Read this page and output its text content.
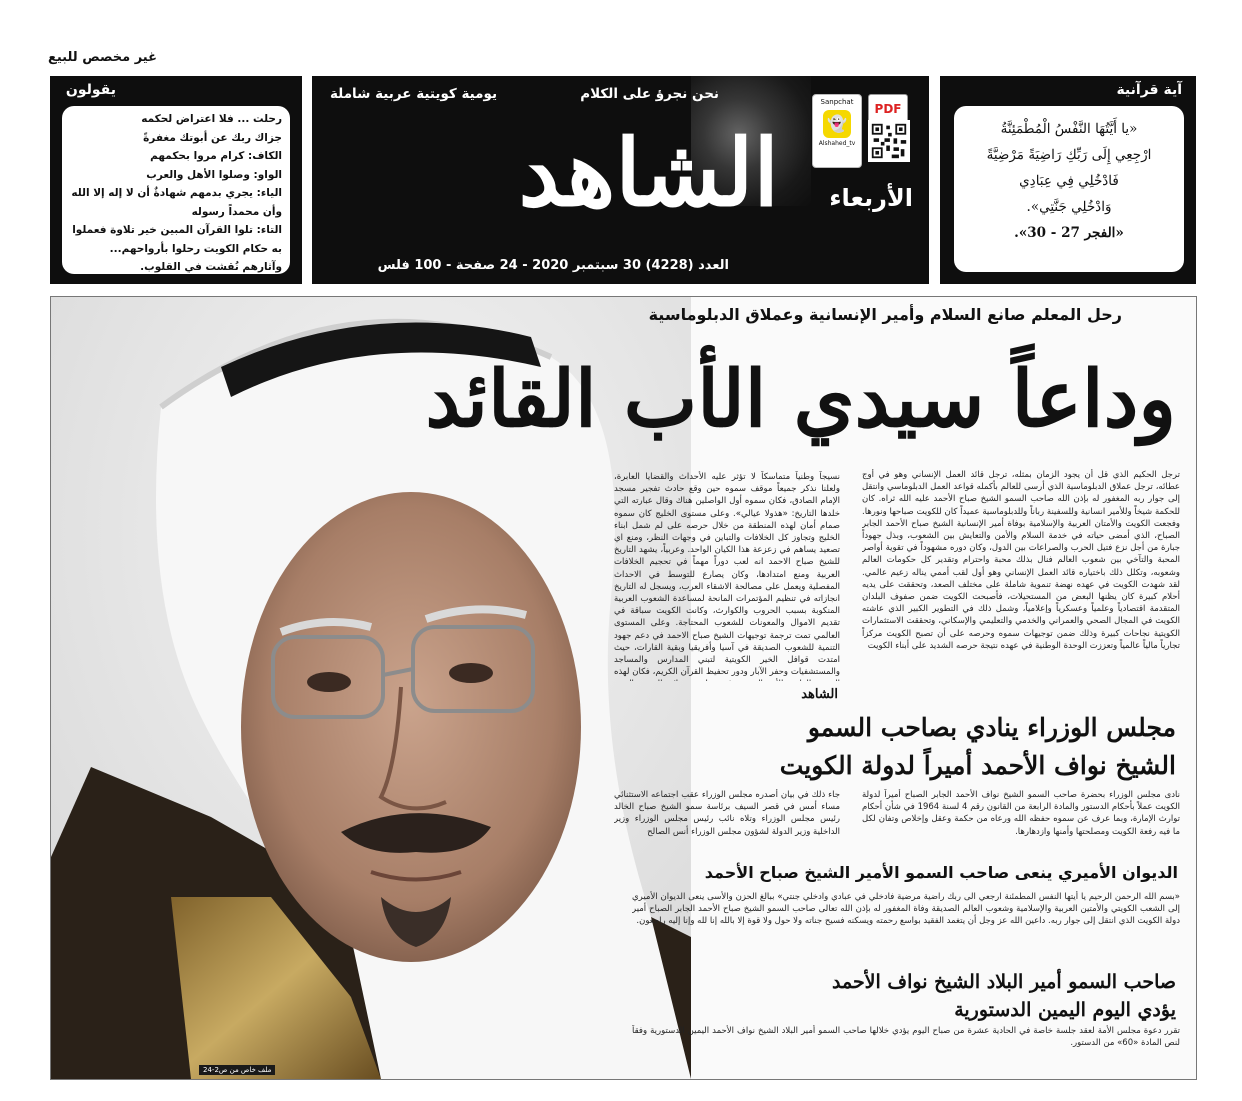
غير مخصص للبيع
آية قرآنية
«يا أَيَّتُهَا النَّفْسُ الْمُطْمَئِنَّةُ
ارْجِعِي إِلَى رَبِّكِ رَاضِيَةً مَرْضِيَّةً
فَادْخُلِي فِي عِبَادِي
وَادْخُلِي جَنَّتِي».
«الفجر 27 - 30».
نحن نجرؤ على الكلام
يومية كويتية عربية شاملة
الشاهد الأربعاء
العدد (4228) 30 سبتمبر 2020 - 24 صفحة - 100 فلس
Sanpchat
👻
Alshahed_tv
PDF
يقولون
رحلت ... فلا اعتراض لحكمه
جزاك ربك عن أبوتك مغفرةً
الكاف: كرام مروا بحكمهم
الواو: وصلوا الأهل والعرب
الياء: يجري بدمهم شهادةٌ أن لا إله إلا الله وأن محمداً رسوله
التاء: تلوا القرآن المبين خير تلاوة فعملوا به حكام الكويت رحلوا بأرواحهم... وآثارهم نُقشت في القلوب.
رحل المعلم صانع السلام وأمير الإنسانية وعملاق الدبلوماسية
وداعاً سيدي الأب القائد

ترجل الحكيم الذي قل أن يجود الزمان بمثله، ترجل قائد العمل الإنساني وهو في أوج عطائه، ترجل عملاق الدبلوماسية الذي أرسى للعالم بأكمله قواعد العمل الدبلوماسي وانتقل إلى جوار ربه المغفور له بإذن الله صاحب السمو الشيخ صباح الأحمد عليه الله ثراه. كان للحكمة شيخاً وللأمير انسانية وللسفينة رباناً وللدبلوماسية عميداً كان للكويت صباحها ونورها. وفجعت الكويت والأمتان العربية والإسلامية بوفاة أمير الإنسانية الشيخ صباح الأحمد الجابر الصباح، الذي أمضى حياته في خدمة السلام والأمن والتعايش بين الشعوب، وبذل جهوداً جبارة من أجل نزع فتيل الحرب والصراعات بين الدول، وكان دوره مشهوداً في تقوية أواصر المحبة والتآخي بين شعوب العالم فنال بذلك محبة واحترام وتقدير كل حكومات العالم وشعوبه، وتكلل ذلك باختياره قائد العمل الإنساني وهو أول لقب أممي يناله زعيم عالمي. لقد شهدت الكويت في عهده نهضة تنموية شاملة على مختلف الصعد، وتحققت على يديه أحلام كبيرة كان يظنها البعض من المستحيلات، فأصبحت الكويت ضمن صفوف البلدان المتقدمة اقتصادياً وعلمياً وعسكرياً وإعلامياً، وشمل ذلك في التطوير الكبير الذي عاشته الكويت في المجال الصحي والعمراني والخدمي والتعليمي والإسكاني، وتحققت الاستثمارات الكويتية نجاحات كبيرة وذلك ضمن توجيهات سموه وحرصه على أن تصبح الكويت مركزاً تجارياً مالياً عالمياً وتعززت الوحدة الوطنية في عهده نتيجة حرصه الشديد على أبناء الكويت

نسيجاً وطنياً متماسكاً لا تؤثر عليه الأحداث والقضايا العابرة، ولعلنا نذكر جميعاً موقف سموه حين وقع حادث تفجير مسجد الإمام الصادق، فكان سموه أول الواصلين هناك وقال عبارته التي خلدها التاريخ: «هذولا عيالي». وعلى مستوى الخليج كان سموه صمام أمان لهذه المنطقة من خلال حرصه على لم شمل ابناء الخليج وتجاوز كل الخلافات والتباين في وجهات النظر، ومنع اي تصعيد يساهم في زعزعة هذا الكيان الواحد. وعربياً، يشهد التاريخ للشيخ صباح الاحمد انه لعب دوراً مهماً في تحجيم الخلافات العربية ومنع امتدادها، وكان يصارع للتوسط في الاحداث المفصلية ويعمل على مصالحة الاشقاء العرب، ويسجل له التاريخ انجازاته في تنظيم المؤتمرات المانحة لمساعدة الشعوب العربية المنكوبة بسبب الحروب والكوارث، وكانت الكويت سباقة في تقديم الاموال والمعونات للشعوب المحتاجة. وعلى المستوى العالمي تمت ترجمة توجيهات الشيخ صباح الاحمد في دعم جهود التنمية للشعوب الصديقة في آسيا وأفريقيا وبقية القارات، حيث امتدت قوافل الخير الكويتية لتبني المدارس والمساجد والمستشفيات وحفر الآبار ودور تحفيظ القرآن الكريم، فكان لهذه

الشاهد
مجلس الوزراء ينادي بصاحب السمو
الشيخ نواف الأحمد أميراً لدولة الكويت

نادى مجلس الوزراء بحضرة صاحب السمو الشيخ نواف الأحمد الجابر الصباح أميراً لدولة الكويت عملاً بأحكام الدستور والمادة الرابعة من القانون رقم 4 لسنة 1964 في شأن أحكام توارث الإمارة، وبما عرف عن سموه حفظه الله ورعاه من حكمة وعقل وإخلاص وتفان لكل ما فيه رفعة الكويت ومصلحتها وأمنها وازدهارها.

جاء ذلك في بيان أصدره مجلس الوزراء عقب اجتماعه الاستثنائي مساء أمس في قصر السيف برئاسة سمو الشيخ صباح الخالد رئيس مجلس الوزراء وتلاه نائب رئيس مجلس الوزراء وزير الداخلية وزير الدولة لشؤون مجلس الوزراء أنس الصالح

الديوان الأميري ينعى صاحب السمو الأمير الشيخ صباح الأحمد

«بسم الله الرحمن الرحيم يا أيتها النفس المطمئنة ارجعي الى ربك راضية مرضية فادخلي في عبادي وادخلي جنتي» ببالغ الحزن والأسى ينعى الديوان الأميري إلى الشعب الكويتي والأمتين العربية والإسلامية وشعوب العالم الصديقة وفاة المغفور له بإذن الله تعالى صاحب السمو الشيخ صباح الأحمد الجابر الصباح أمير دولة الكويت الذي انتقل إلى جوار ربه. داعين الله عز وجل أن يتغمد الفقيد بواسع رحمته ويسكنه فسيح جناته ولا حول ولا قوة إلا بالله إنا لله وإنا إليه راجعون.

صاحب السمو أمير البلاد الشيخ نواف الأحمد
يؤدي اليوم اليمين الدستورية

تقرر دعوة مجلس الأمة لعقد جلسة خاصة في الحادية عشرة من صباح اليوم يؤدي خلالها صاحب السمو أمير البلاد الشيخ نواف الأحمد اليمين الدستورية وفقاً لنص المادة «60» من الدستور.

ملف خاص من ص2-24
